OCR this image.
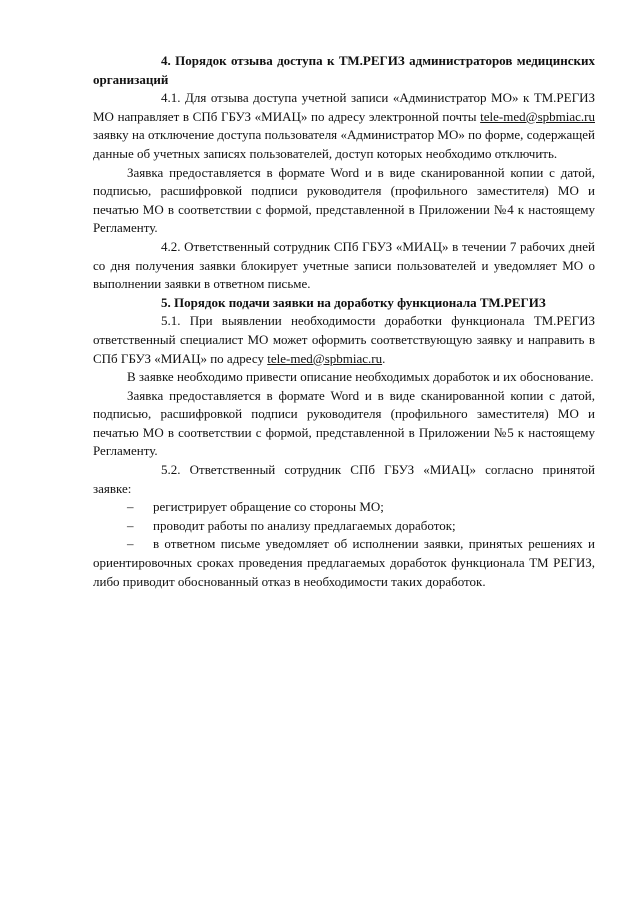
4. Порядок отзыва доступа к ТМ.РЕГИЗ администраторов медицинских организаций

4.1. Для отзыва доступа учетной записи «Администратор МО» к ТМ.РЕГИЗ МО направляет в СПб ГБУЗ «МИАЦ» по адресу электронной почты tele-med@spbmiac.ru заявку на отключение доступа пользователя «Администратор МО» по форме, содержащей данные об учетных записях пользователей, доступ которых необходимо отключить.

Заявка предоставляется в формате Word и в виде сканированной копии с датой, подписью, расшифровкой подписи руководителя (профильного заместителя) МО и печатью МО в соответствии с формой, представленной в Приложении №4 к настоящему Регламенту.

4.2. Ответственный сотрудник СПб ГБУЗ «МИАЦ» в течении 7 рабочих дней со дня получения заявки блокирует учетные записи пользователей и уведомляет МО о выполнении заявки в ответном письме.

5. Порядок подачи заявки на доработку функционала ТМ.РЕГИЗ

5.1. При выявлении необходимости доработки функционала ТМ.РЕГИЗ ответственный специалист МО может оформить соответствующую заявку и направить в СПб ГБУЗ «МИАЦ» по адресу tele-med@spbmiac.ru.

В заявке необходимо привести описание необходимых доработок и их обоснование.

Заявка предоставляется в формате Word и в виде сканированной копии с датой, подписью, расшифровкой подписи руководителя (профильного заместителя) МО и печатью МО в соответствии с формой, представленной в Приложении №5 к настоящему Регламенту.

5.2. Ответственный сотрудник СПб ГБУЗ «МИАЦ» согласно принятой заявке:

– регистрирует обращение со стороны МО;

– проводит работы по анализу предлагаемых доработок;

– в ответном письме уведомляет об исполнении заявки, принятых решениях и ориентировочных сроках проведения предлагаемых доработок функционала ТМ РЕГИЗ, либо приводит обоснованный отказ в необходимости таких доработок.
